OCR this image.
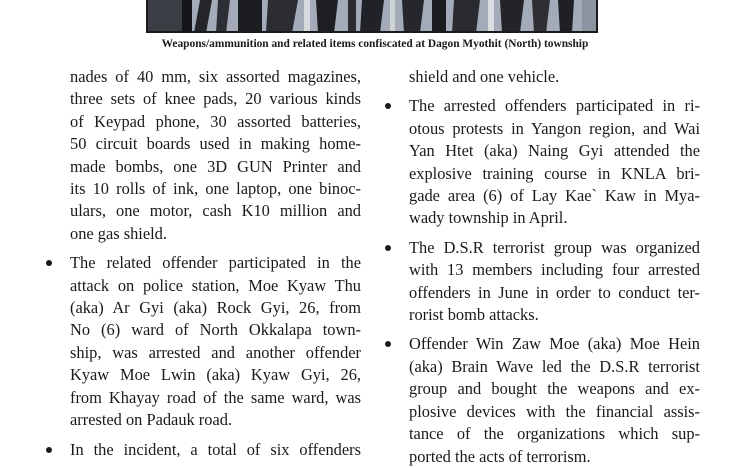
Weapons/ammunition and related items confiscated at Dagon Myothit (North) township
nades of 40 mm, six assorted magazines,
three sets of knee pads, 20 various kinds
of Keypad phone, 30 assorted batteries,
50 circuit boards used in making home-
made bombs, one 3D GUN Printer and
its 10 rolls of ink, one laptop, one binoc-
ulars, one motor, cash K10 million and
one gas shield.
The related offender participated in the
attack on police station, Moe Kyaw Thu
(aka) Ar Gyi (aka) Rock Gyi, 26, from
No (6) ward of North Okkalapa town-
ship, was arrested and another offender
Kyaw Moe Lwin (aka) Kyaw Gyi, 26,
from Khayay road of the same ward, was
arrested on Padauk road.
In the incident, a total of six offenders
shield and one vehicle.
The arrested offenders participated in ri-
otous protests in Yangon region, and Wai
Yan Htet (aka) Naing Gyi attended the
explosive training course in KNLA bri-
gade area (6) of Lay Kae` Kaw in Mya-
wady township in April.
The D.S.R terrorist group was organized
with 13 members including four arrested
offenders in June in order to conduct ter-
rorist bomb attacks.
Offender Win Zaw Moe (aka) Moe Hein
(aka) Brain Wave led the D.S.R terrorist
group and bought the weapons and ex-
plosive devices with the financial assis-
tance of the organizations which sup-
ported the acts of terrorism.
